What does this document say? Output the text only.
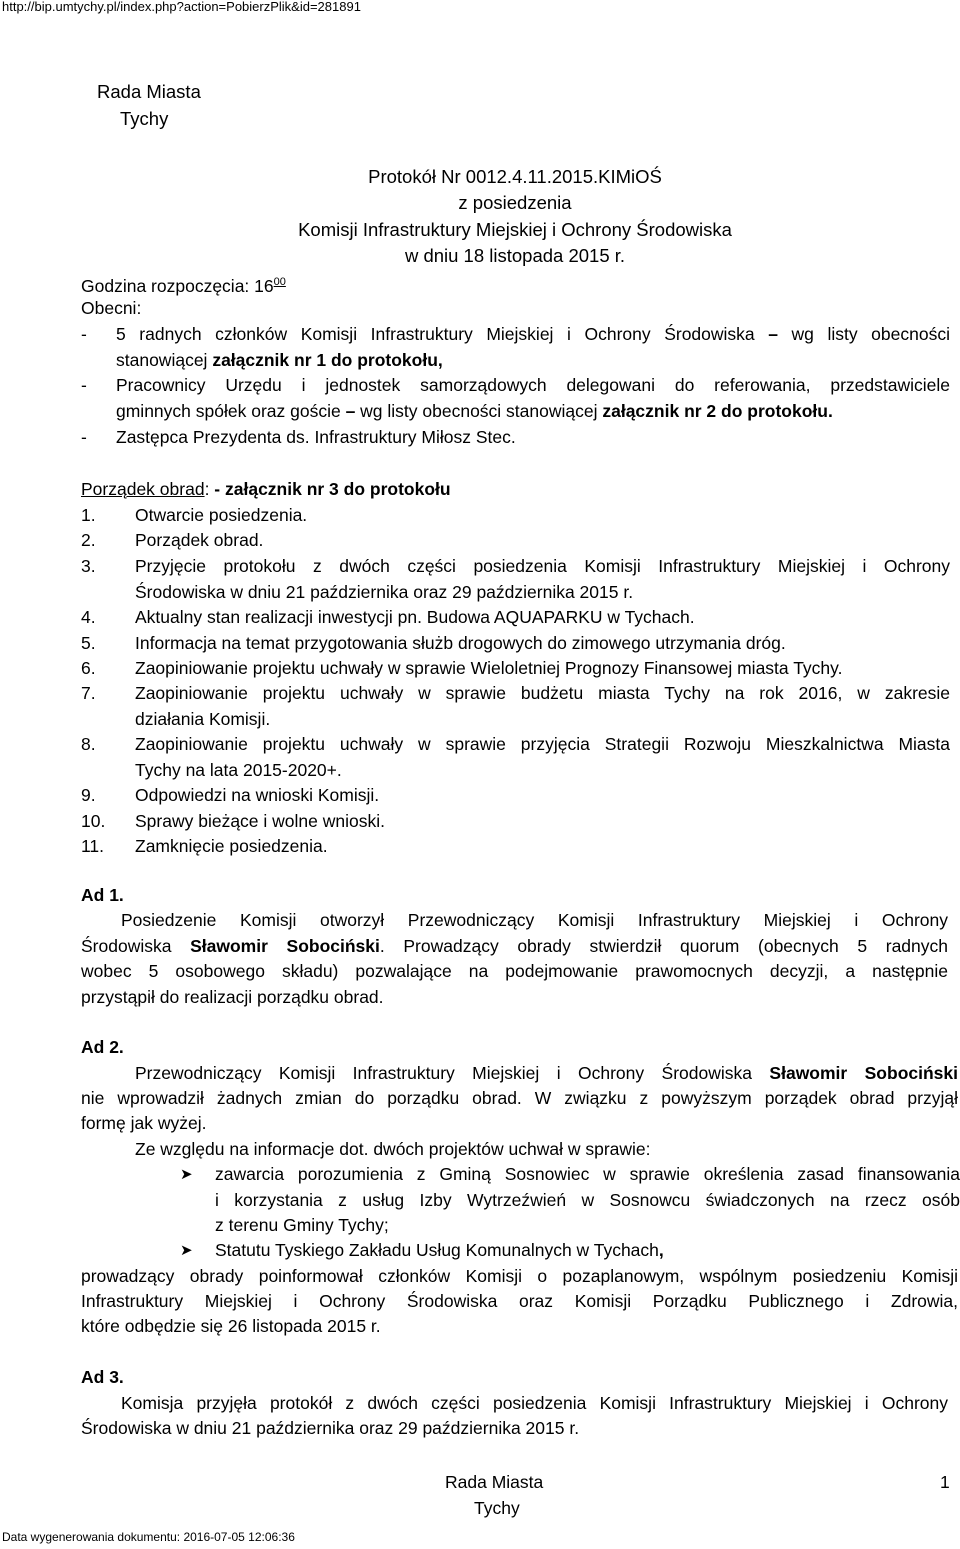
http://bip.umtychy.pl/index.php?action=PobierzPlik&id=281891
Rada Miasta
Tychy
Protokół Nr 0012.4.11.2015.KIMiOŚ
z posiedzenia
Komisji Infrastruktury Miejskiej i Ochrony Środowiska
w dniu 18 listopada 2015 r.
Godzina rozpoczęcia: $16^{00}$
Obecni:
- 5 radnych członków Komisji Infrastruktury Miejskiej i Ochrony Środowiska – wg listy obecności
stanowiącej załącznik nr 1 do protokołu,
- Pracownicy Urzędu i jednostek samorządowych delegowani do referowania, przedstawiciele
gminnych spółek oraz goście – wg listy obecności stanowiącej załącznik nr 2 do protokołu.
- Zastępca Prezydenta ds. Infrastruktury Miłosz Stec.
Porządek obrad: - załącznik nr 3 do protokołu
1. Otwarcie posiedzenia.
2. Porządek obrad.
3. Przyjęcie protokołu z dwóch części posiedzenia Komisji Infrastruktury Miejskiej i Ochrony
Środowiska w dniu 21 października oraz 29 października 2015 r.
4. Aktualny stan realizacji inwestycji pn. Budowa AQUAPARKU w Tychach.
5. Informacja na temat przygotowania służb drogowych do zimowego utrzymania dróg.
6. Zaopiniowanie projektu uchwały w sprawie Wieloletniej Prognozy Finansowej miasta Tychy.
7. Zaopiniowanie projektu uchwały w sprawie budżetu miasta Tychy na rok 2016, w zakresie
działania Komisji.
8. Zaopiniowanie projektu uchwały w sprawie przyjęcia Strategii Rozwoju Mieszkalnictwa Miasta
Tychy na lata 2015-2020+.
9. Odpowiedzi na wnioski Komisji.
10. Sprawy bieżące i wolne wnioski.
11. Zamknięcie posiedzenia.
Ad 1.
Posiedzenie Komisji otworzył Przewodniczący Komisji Infrastruktury Miejskiej i Ochrony
Środowiska Sławomir Sobociński. Prowadzący obrady stwierdził quorum (obecnych 5 radnych
wobec 5 osobowego składu) pozwalające na podejmowanie prawomocnych decyzji, a następnie
przystąpił do realizacji porządku obrad.
Ad 2.
Przewodniczący Komisji Infrastruktury Miejskiej i Ochrony Środowiska Sławomir Sobociński
nie wprowadził żadnych zmian do porządku obrad. W związku z powyższym porządek obrad przyjął
formę jak wyżej.
Ze względu na informacje dot. dwóch projektów uchwał w sprawie:
➤ zawarcia porozumienia z Gminą Sosnowiec w sprawie określenia zasad finansowania
i korzystania z usług Izby Wytrzeźwień w Sosnowcu świadczonych na rzecz osób
z terenu Gminy Tychy;
➤ Statutu Tyskiego Zakładu Usług Komunalnych w Tychach,
prowadzący obrady poinformował członków Komisji o pozaplanowym, wspólnym posiedzeniu Komisji
Infrastruktury Miejskiej i Ochrony Środowiska oraz Komisji Porządku Publicznego i Zdrowia,
które odbędzie się 26 listopada 2015 r.
Ad 3.
Komisja przyjęła protokół z dwóch części posiedzenia Komisji Infrastruktury Miejskiej i Ochrony
Środowiska w dniu 21 października oraz 29 października 2015 r.
Rada Miasta
Tychy
1
Data wygenerowania dokumentu: 2016-07-05 12:06:36
